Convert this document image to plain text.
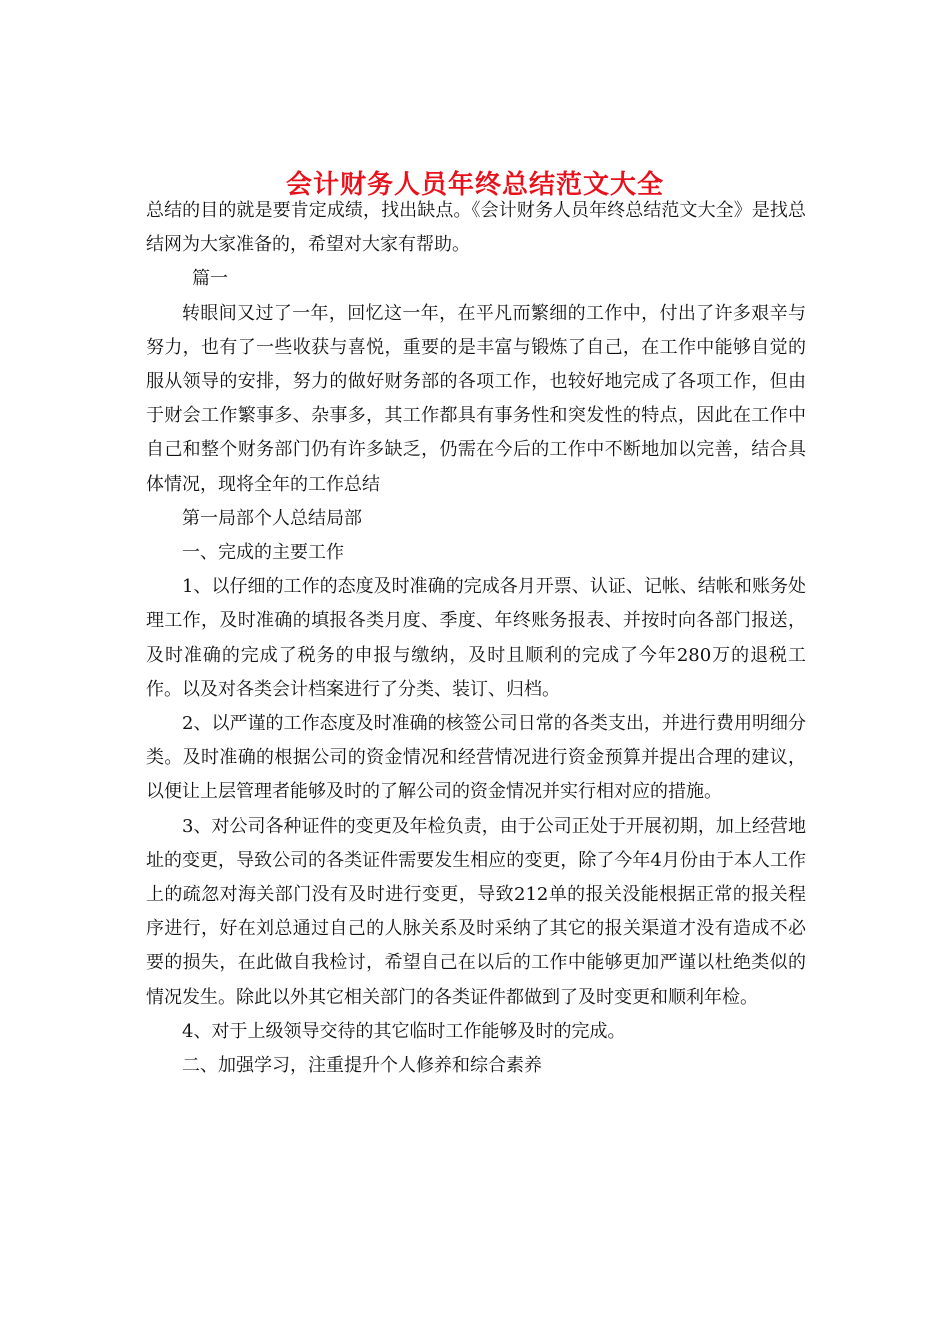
会计财务人员年终总结范文大全

总结的目的就是要肯定成绩，找出缺点。《会计财务人员年终总结范文大全》是找总结网为大家准备的，希望对大家有帮助。

篇一

转眼间又过了一年，回忆这一年，在平凡而繁细的工作中，付出了许多艰辛与努力，也有了一些收获与喜悦，重要的是丰富与锻炼了自己，在工作中能够自觉的服从领导的安排，努力的做好财务部的各项工作，也较好地完成了各项工作，但由于财会工作繁事多、杂事多，其工作都具有事务性和突发性的特点，因此在工作中自己和整个财务部门仍有许多缺乏，仍需在今后的工作中不断地加以完善，结合具体情况，现将全年的工作总结

第一局部个人总结局部

一、完成的主要工作

1、以仔细的工作的态度及时准确的完成各月开票、认证、记帐、结帐和账务处理工作，及时准确的填报各类月度、季度、年终账务报表、并按时向各部门报送，及时准确的完成了税务的申报与缴纳，及时且顺利的完成了今年280万的退税工作。以及对各类会计档案进行了分类、装订、归档。

2、以严谨的工作态度及时准确的核签公司日常的各类支出，并进行费用明细分类。及时准确的根据公司的资金情况和经营情况进行资金预算并提出合理的建议，以便让上层管理者能够及时的了解公司的资金情况并实行相对应的措施。

3、对公司各种证件的变更及年检负责，由于公司正处于开展初期，加上经营地址的变更，导致公司的各类证件需要发生相应的变更，除了今年4月份由于本人工作上的疏忽对海关部门没有及时进行变更，导致212单的报关没能根据正常的报关程序进行，好在刘总通过自己的人脉关系及时采纳了其它的报关渠道才没有造成不必要的损失，在此做自我检讨，希望自己在以后的工作中能够更加严谨以杜绝类似的情况发生。除此以外其它相关部门的各类证件都做到了及时变更和顺利年检。

4、对于上级领导交待的其它临时工作能够及时的完成。

二、加强学习，注重提升个人修养和综合素养
